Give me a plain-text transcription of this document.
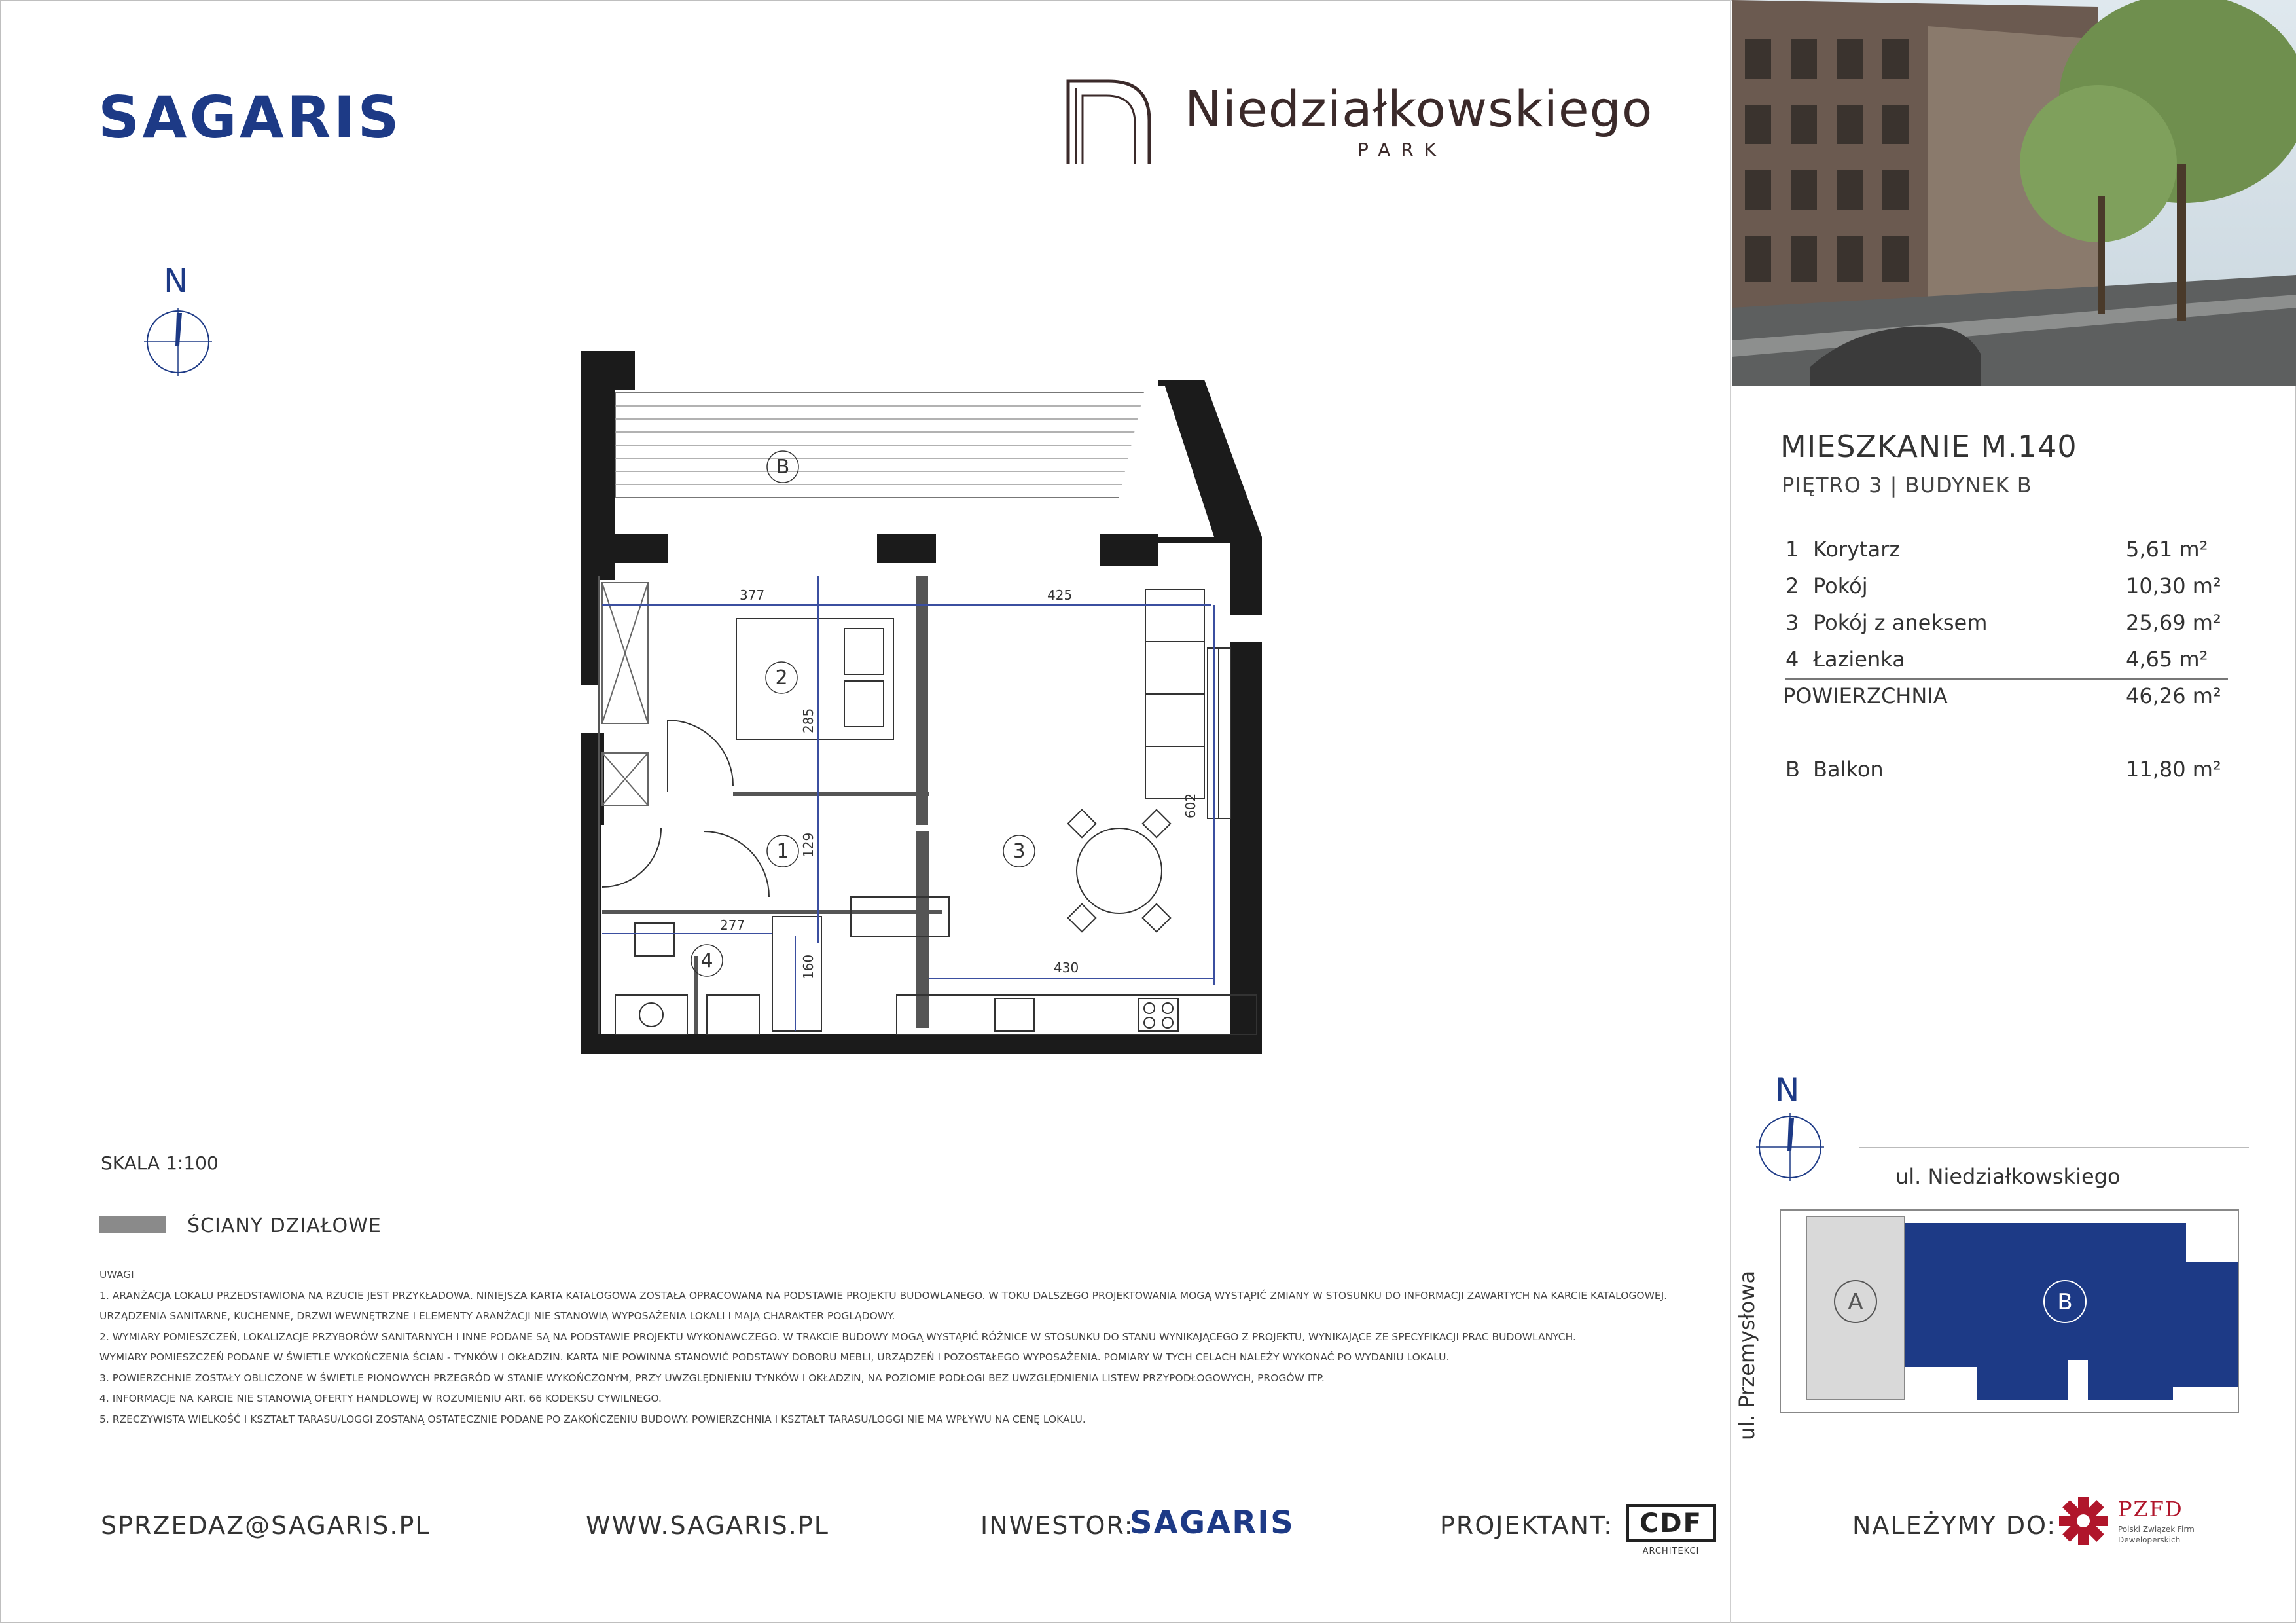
SAGARIS	Niedziałkowskiego
PARK
N
377	425
285
602
129
277
160	430
B
2
1	3
4
MIESZKANIE M.140
PIĘTRO 3 | BUDYNEK B
1 Korytarz	5,61 m²
2 Pokój	10,30 m²
3 Pokój z aneksem	25,69 m²
4 Łazienka	4,65 m²
POWIERZCHNIA	46,26 m²
B Balkon	11,80 m²
SKALA 1:100
ŚCIANY DZIAŁOWE
UWAGI
1. ARANŻACJA LOKALU PRZEDSTAWIONA NA RZUCIE JEST PRZYKŁADOWA. NINIEJSZA KARTA KATALOGOWA ZOSTAŁA OPRACOWANA NA PODSTAWIE PROJEKTU BUDOWLANEGO. W TOKU DALSZEGO PROJEKTOWANIA MOGĄ WYSTĄPIĆ ZMIANY W STOSUNKU DO INFORMACJI ZAWARTYCH NA KARCIE KATALOGOWEJ.
URZĄDZENIA SANITARNE, KUCHENNE, DRZWI WEWNĘTRZNE I ELEMENTY ARANŻACJI NIE STANOWIĄ WYPOSAŻENIA LOKALI I MAJĄ CHARAKTER POGLĄDOWY.
2. WYMIARY POMIESZCZEŃ, LOKALIZACJE PRZYBORÓW SANITARNYCH I INNE PODANE SĄ NA PODSTAWIE PROJEKTU WYKONAWCZEGO. W TRAKCIE BUDOWY MOGĄ WYSTĄPIĆ RÓŻNICE W STOSUNKU DO STANU WYNIKAJĄCEGO Z PROJEKTU, WYNIKAJĄCE ZE SPECYFIKACJI PRAC BUDOWLANYCH.
WYMIARY POMIESZCZEŃ PODANE W ŚWIETLE WYKOŃCZENIA ŚCIAN - TYNKÓW I OKŁADZIN. KARTA NIE POWINNA STANOWIĆ PODSTAWY DOBORU MEBLI, URZĄDZEŃ I POZOSTAŁEGO WYPOSAŻENIA. POMIARY W TYCH CELACH NALEŻY WYKONAĆ PO WYDANIU LOKALU.
3. POWIERZCHNIE ZOSTAŁY OBLICZONE W ŚWIETLE PIONOWYCH PRZEGRÓD W STANIE WYKOŃCZONYM, PRZY UWZGLĘDNIENIU TYNKÓW I OKŁADZIN, NA POZIOMIE PODŁOGI BEZ UWZGLĘDNIENIA LISTEW PRZYPODŁOGOWYCH, PROGÓW ITP.
4. INFORMACJE NA KARCIE NIE STANOWIĄ OFERTY HANDLOWEJ W ROZUMIENIU ART. 66 KODEKSU CYWILNEGO.
5. RZECZYWISTA WIELKOŚĆ I KSZTAŁT TARASU/LOGGI ZOSTANĄ OSTATECZNIE PODANE PO ZAKOŃCZENIU BUDOWY. POWIERZCHNIA I KSZTAŁT TARASU/LOGGI NIE MA WPŁYWU NA CENĘ LOKALU.
N
ul. Niedziałkowskiego
ul. Przemysłowa	A	B
SPRZEDAZ@SAGARIS.PL	WWW.SAGARIS.PL	INWESTOR:
SAGARIS	PROJEKTANT:	CDF
ARCHITEKCI
NALEŻYMY DO:
PZFD
Polski Związek Firm Deweloperskich
